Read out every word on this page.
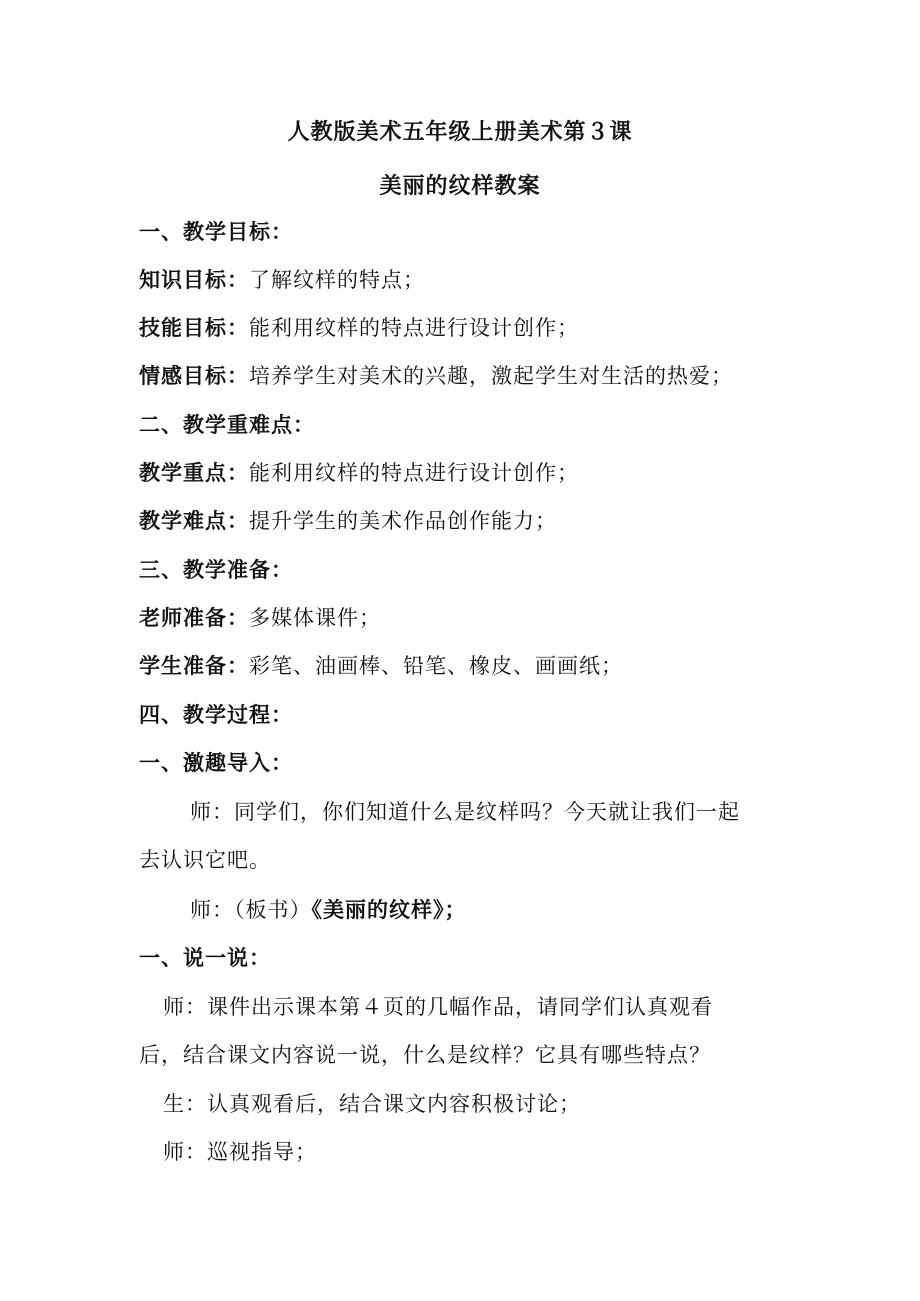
人教版美术五年级上册美术第３课
美丽的纹样教案
一、教学目标：
知识目标：了解纹样的特点；
技能目标：能利用纹样的特点进行设计创作；
情感目标：培养学生对美术的兴趣，激起学生对生活的热爱；
二、教学重难点：
教学重点：能利用纹样的特点进行设计创作；
教学难点：提升学生的美术作品创作能力；
三、教学准备：
老师准备：多媒体课件；
学生准备：彩笔、油画棒、铅笔、橡皮、画画纸；
四、教学过程：
一、激趣导入：
师：同学们，你们知道什么是纹样吗？今天就让我们一起
去认识它吧。
师：（板书）《美丽的纹样》；
一、说一说：
师：课件出示课本第４页的几幅作品，请同学们认真观看
后，结合课文内容说一说，什么是纹样？它具有哪些特点？
生：认真观看后，结合课文内容积极讨论；
师：巡视指导；
